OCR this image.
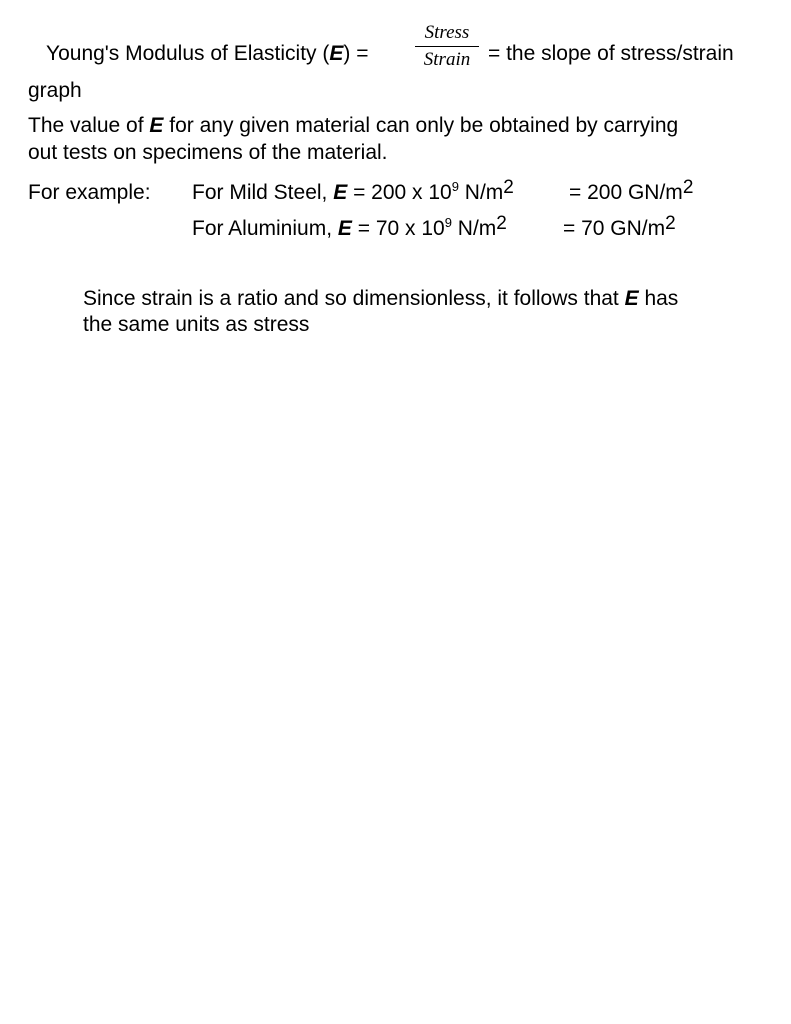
Young's Modulus of Elasticity (E) =
Stress
Strain = the slope of stress/strain
graph
The value of E for any given material can only be obtained by carrying
out tests on specimens of the material.
For example: For Mild Steel, E = 200 x $10^9$ N/m2	= 200 GN/m2
For Aluminium, E = 70 x $10^9$ N/m2	= 70 GN/m2
Since strain is a ratio and so dimensionless, it follows that E has
the same units as stress
